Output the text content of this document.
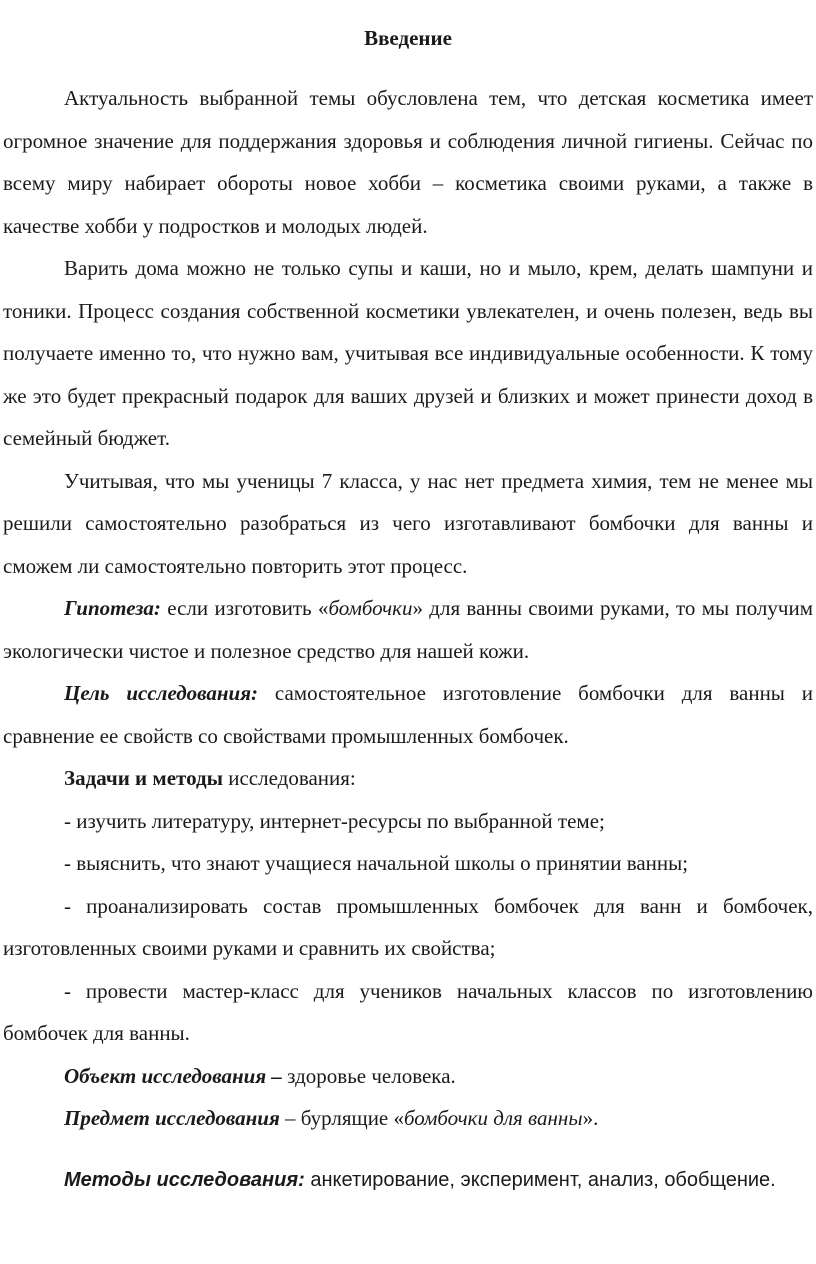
Введение

Актуальность выбранной темы обусловлена тем, что детская косметика имеет огромное значение для поддержания здоровья и соблюдения личной гигиены. Сейчас по всему миру набирает обороты новое хобби – косметика своими руками, а также в качестве хобби у подростков и молодых людей.

Варить дома можно не только супы и каши, но и мыло, крем, делать шампуни и тоники. Процесс создания собственной косметики увлекателен, и очень полезен, ведь вы получаете именно то, что нужно вам, учитывая все индивидуальные особенности. К тому же это будет прекрасный подарок для ваших друзей и близких и может принести доход в семейный бюджет.

Учитывая, что мы ученицы 7 класса, у нас нет предмета химия, тем не менее мы решили самостоятельно разобраться из чего изготавливают бомбочки для ванны и сможем ли самостоятельно повторить этот процесс.

Гипотеза: если изготовить «бомбочки» для ванны своими руками, то мы получим экологически чистое и полезное средство для нашей кожи.

Цель исследования: самостоятельное изготовление бомбочки для ванны и сравнение ее свойств со свойствами промышленных бомбочек.

Задачи и методы исследования:

- изучить литературу, интернет-ресурсы по выбранной теме;

- выяснить, что знают учащиеся начальной школы о принятии ванны;

- проанализировать состав промышленных бомбочек для ванн и бомбочек, изготовленных своими руками и сравнить их свойства;

- провести мастер-класс для учеников начальных классов по изготовлению бомбочек для ванны.

Объект исследования – здоровье человека.

Предмет исследования – бурлящие «бомбочки для ванны».

Методы исследования: анкетирование, эксперимент, анализ, обобщение.
